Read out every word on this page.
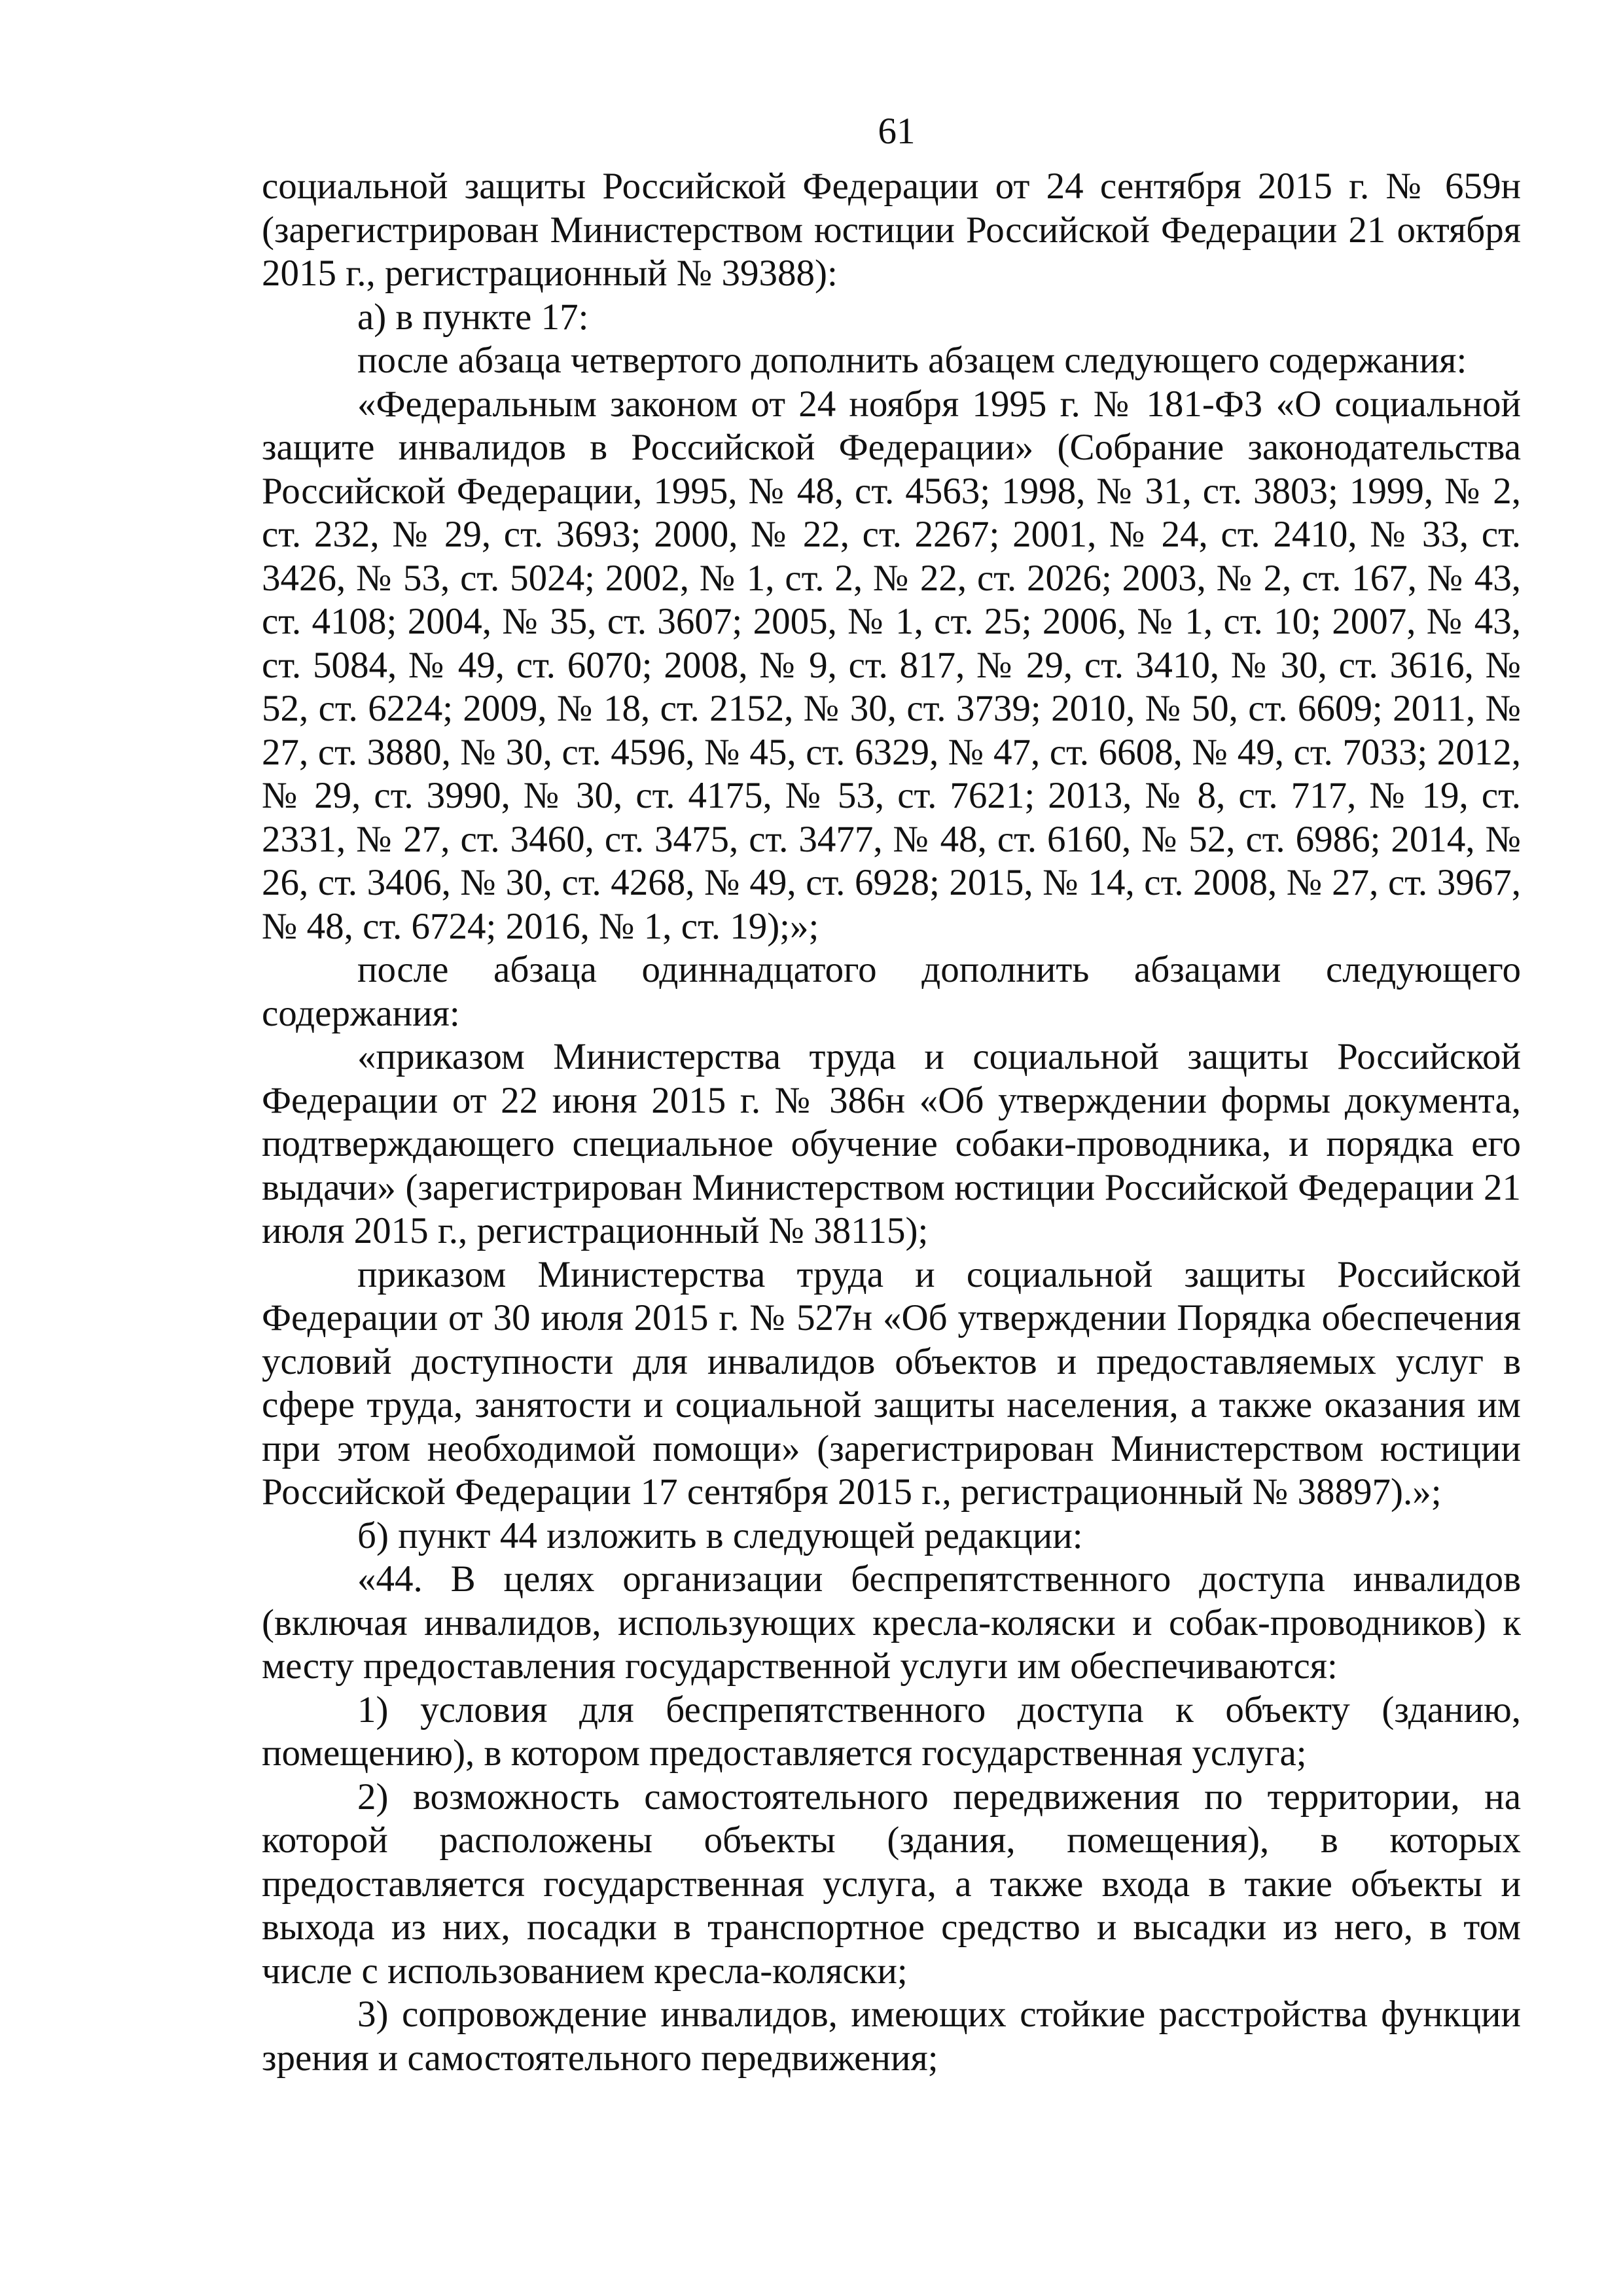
61

социальной защиты Российской Федерации от 24 сентября 2015 г. № 659н (зарегистрирован Министерством юстиции Российской Федерации 21 октября 2015 г., регистрационный № 39388):

а) в пункте 17:

после абзаца четвертого дополнить абзацем следующего содержания:

«Федеральным законом от 24 ноября 1995 г. № 181-ФЗ «О социальной защите инвалидов в Российской Федерации» (Собрание законодательства Российской Федерации, 1995, № 48, ст. 4563; 1998, № 31, ст. 3803; 1999, № 2, ст. 232, № 29, ст. 3693; 2000, № 22, ст. 2267; 2001, № 24, ст. 2410, № 33, ст. 3426, № 53, ст. 5024; 2002, № 1, ст. 2, № 22, ст. 2026; 2003, № 2, ст. 167, № 43, ст. 4108; 2004, № 35, ст. 3607; 2005, № 1, ст. 25; 2006, № 1, ст. 10; 2007, № 43, ст. 5084, № 49, ст. 6070; 2008, № 9, ст. 817, № 29, ст. 3410, № 30, ст. 3616, № 52, ст. 6224; 2009, № 18, ст. 2152, № 30, ст. 3739; 2010, № 50, ст. 6609; 2011, № 27, ст. 3880, № 30, ст. 4596, № 45, ст. 6329, № 47, ст. 6608, № 49, ст. 7033; 2012, № 29, ст. 3990, № 30, ст. 4175, № 53, ст. 7621; 2013, № 8, ст. 717, № 19, ст. 2331, № 27, ст. 3460, ст. 3475, ст. 3477, № 48, ст. 6160, № 52, ст. 6986; 2014, № 26, ст. 3406, № 30, ст. 4268, № 49, ст. 6928; 2015, № 14, ст. 2008, № 27, ст. 3967, № 48, ст. 6724; 2016, № 1, ст. 19);»;

после абзаца одиннадцатого дополнить абзацами следующего содержания:

«приказом Министерства труда и социальной защиты Российской Федерации от 22 июня 2015 г. № 386н «Об утверждении формы документа, подтверждающего специальное обучение собаки-проводника, и порядка его выдачи» (зарегистрирован Министерством юстиции Российской Федерации 21 июля 2015 г., регистрационный № 38115);

приказом Министерства труда и социальной защиты Российской Федерации от 30 июля 2015 г. № 527н «Об утверждении Порядка обеспечения условий доступности для инвалидов объектов и предоставляемых услуг в сфере труда, занятости и социальной защиты населения, а также оказания им при этом необходимой помощи» (зарегистрирован Министерством юстиции Российской Федерации 17 сентября 2015 г., регистрационный № 38897).»;

б) пункт 44 изложить в следующей редакции:

«44. В целях организации беспрепятственного доступа инвалидов (включая инвалидов, использующих кресла-коляски и собак-проводников) к месту предоставления государственной услуги им обеспечиваются:

1) условия для беспрепятственного доступа к объекту (зданию, помещению), в котором предоставляется государственная услуга;

2) возможность самостоятельного передвижения по территории, на которой расположены объекты (здания, помещения), в которых предоставляется государственная услуга, а также входа в такие объекты и выхода из них, посадки в транспортное средство и высадки из него, в том числе с использованием кресла-коляски;

3) сопровождение инвалидов, имеющих стойкие расстройства функции зрения и самостоятельного передвижения;
